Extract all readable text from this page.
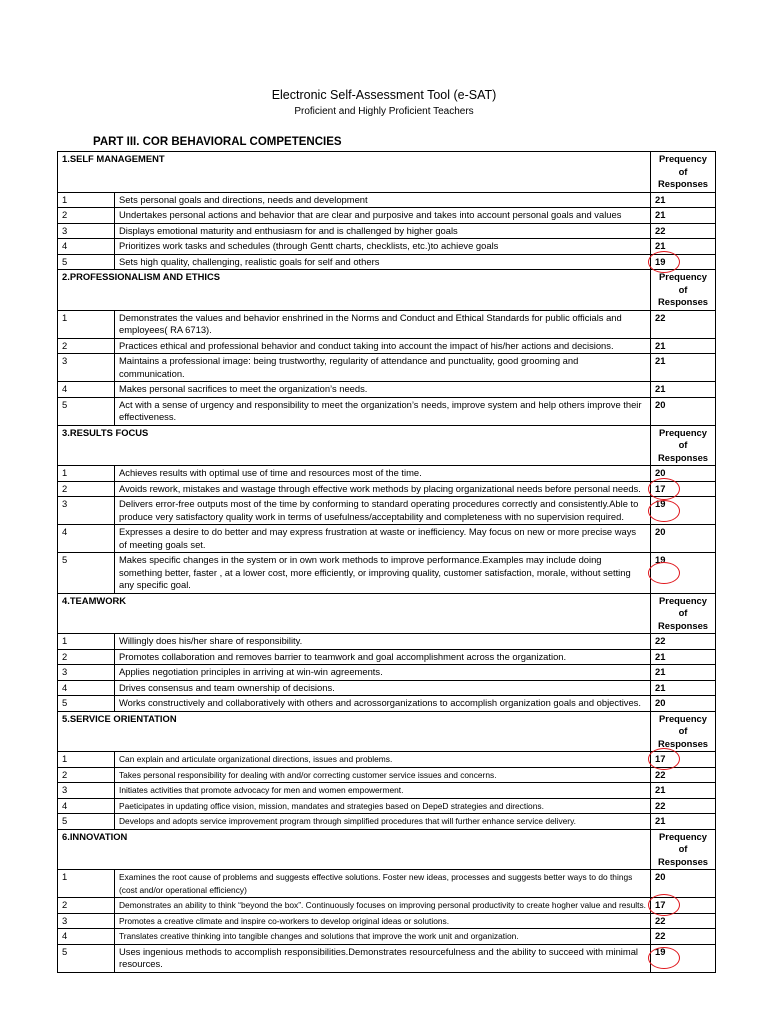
Electronic Self-Assessment Tool (e-SAT)
Proficient and Highly Proficient Teachers
PART III. COR BEHAVIORAL COMPETENCIES
1.SELF MANAGEMENT		Prequency of Responses
1	Sets personal goals and directions, needs and development	21
2	Undertakes personal actions and behavior that are clear and purposive and takes into account personal goals and values	21
3	Displays emotional maturity and enthusiasm for and is challenged by higher goals	22
4	Prioritizes work tasks and schedules (through Gentt charts, checklists, etc.)to achieve goals	21
5	Sets high quality, challenging, realistic goals for self and others	19

2.PROFESSIONALISM AND ETHICS		Prequency of Responses
1	Demonstrates the values and behavior enshrined in the Norms and Conduct and Ethical Standards for public officials and employees( RA 6713).	22
2	Practices ethical and professional behavior and conduct taking into account the impact of his/her actions and decisions.	21
3	Maintains a professional image: being trustworthy, regularity of attendance and punctuality, good grooming and communication.	21
4	Makes personal sacrifices to meet the organization’s needs.	21
5	Act with a sense of urgency and responsibility to meet the organization’s needs, improve system and help others improve their effectiveness.	20
3.RESULTS FOCUS		Prequency of Responses
1	Achieves results with optimal use of time and resources most of the time.	20
2	Avoids rework, mistakes and wastage through effective work methods by placing organizational needs before personal needs.	17

3	Delivers error-free outputs most of the time by conforming to standard operating procedures correctly and consistently.Able to produce very satisfactory quality work in terms of usefulness/acceptability and completeness with no supervision required.	19

4	Expresses a desire to do better and may express frustration at waste or inefficiency. May focus on new or more precise ways of meeting goals set.	20
5	Makes specific changes in the system or in own work methods to improve performance.Examples may include doing something better, faster , at a lower cost, more efficiently, or improving quality, customer satisfaction, morale, without setting any specific goal.	19

4.TEAMWORK		Prequency of Responses
1	Willingly does his/her share of responsibility.	22
2	Promotes collaboration and removes barrier to teamwork and goal accomplishment across the organization.	21
3	Applies negotiation principles in arriving at win-win agreements.	21
4	Drives consensus and team ownership of decisions.	21
5	Works constructively and collaboratively with others and acrossorganizations to accomplish organization goals and objectives.	20
5.SERVICE ORIENTATION		Prequency of Responses
1	Can explain and articulate organizational directions, issues and problems.	17

2	Takes personal responsibility for dealing with and/or correcting customer service issues and concerns.	22
3	Initiates activities that promote advocacy for men and women empowerment.	21
4	Paeticipates in updating office vision, mission, mandates and strategies based on DepeD strategies and directions.	22
5	Develops and adopts service improvement program through simplified procedures that will further enhance service delivery.	21
6.INNOVATION		Prequency of Responses
1	Examines the root cause of problems and suggests effective solutions. Foster new ideas, processes and suggests better ways to do things (cost and/or operational efficiency)	20
2	Demonstrates an ability to think “beyond the box”. Continuously focuses on improving personal productivity to create hogher value and results.	17

3	Promotes a creative climate and inspire co-workers to develop original ideas or solutions.	22
4	Translates creative thinking into tangible changes and solutions that improve the work unit and organization.	22
5	Uses ingenious methods to accomplish responsibilities.Demonstrates resourcefulness and the ability to succeed with minimal resources.	19
